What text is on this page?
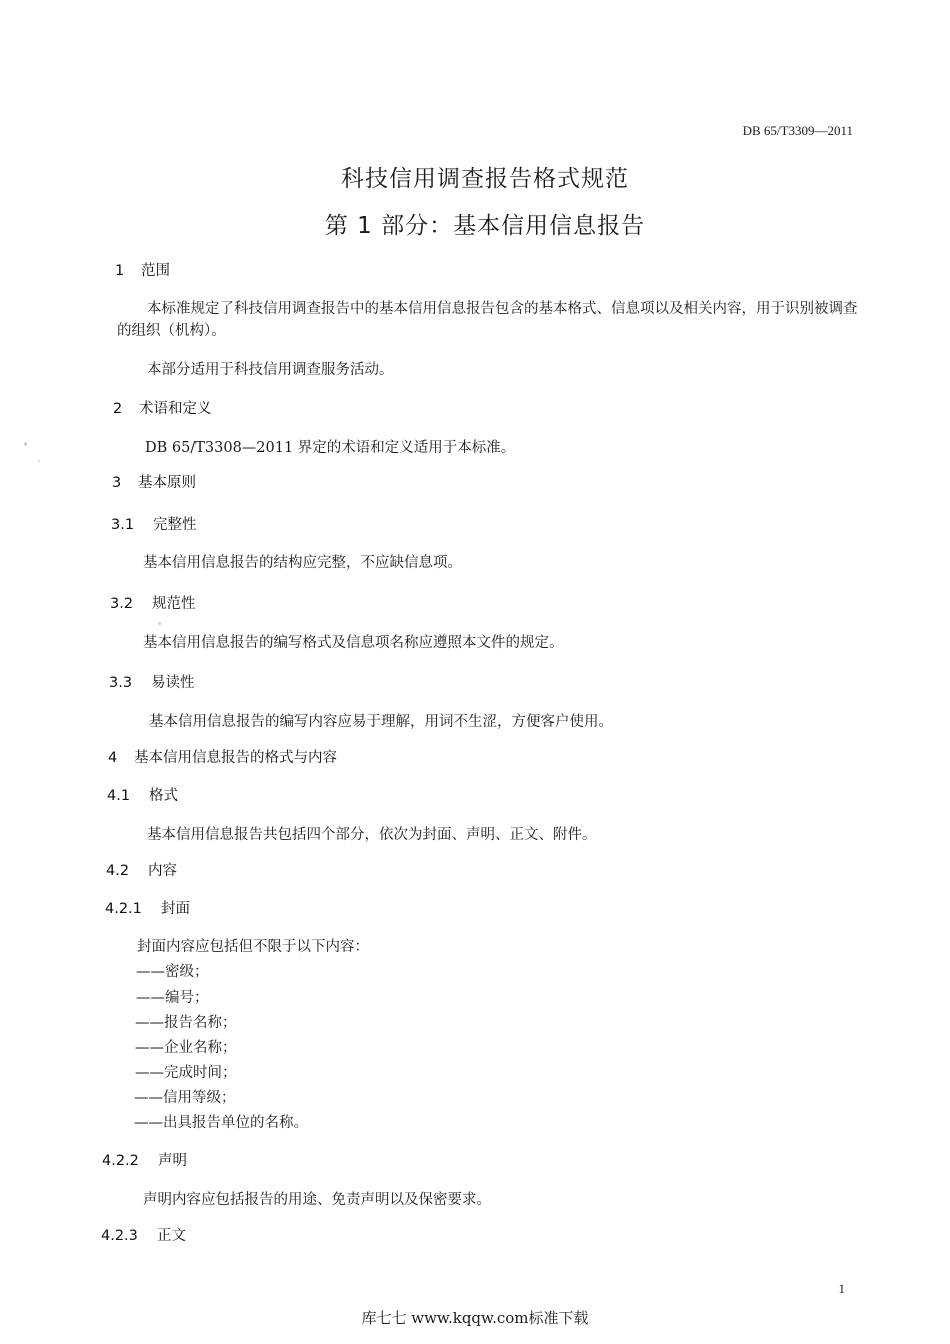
DB 65/T3309—2011
科技信用调查报告格式规范
第 1 部分：基本信用信息报告
1 范围
本标准规定了科技信用调查报告中的基本信用信息报告包含的基本格式、信息项以及相关内容，用于识别被调查的组织（机构）。
本部分适用于科技信用调查服务活动。
2 术语和定义
DB 65/T3308—2011 界定的术语和定义适用于本标准。
3 基本原则
3.1 完整性
基本信用信息报告的结构应完整，不应缺信息项。
3.2 规范性
基本信用信息报告的编写格式及信息项名称应遵照本文件的规定。
3.3 易读性
基本信用信息报告的编写内容应易于理解，用词不生涩，方便客户使用。
4 基本信用信息报告的格式与内容
4.1 格式
基本信用信息报告共包括四个部分，依次为封面、声明、正文、附件。
4.2 内容
4.2.1 封面
封面内容应包括但不限于以下内容：
——密级；
——编号；
——报告名称；
——企业名称；
——完成时间；
——信用等级；
——出具报告单位的名称。
4.2.2 声明
声明内容应包括报告的用途、免责声明以及保密要求。
4.2.3 正文
1
库七七 www.kqqw.com标准下载
